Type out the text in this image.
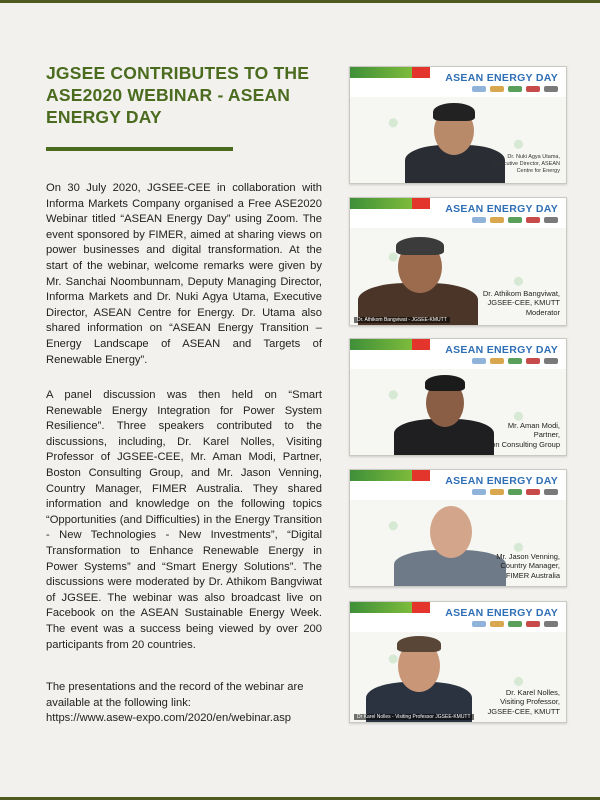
JGSEE CONTRIBUTES TO THE ASE2020 WEBINAR - ASEAN ENERGY DAY

On 30 July 2020, JGSEE-CEE in collaboration with Informa Markets Company organised a Free ASE2020 Webinar titled “ASEAN Energy Day” using Zoom. The event sponsored by FIMER, aimed at sharing views on power businesses and digital transformation. At the start of the webinar, welcome remarks were given by Mr. Sanchai Noombunnam, Deputy Managing Director, Informa Markets and Dr. Nuki Agya Utama, Executive Director, ASEAN Centre for Energy. Dr. Utama also shared information on “ASEAN Energy Transition – Energy Landscape of ASEAN and Targets of Renewable Energy”.

A panel discussion was then held on “Smart Renewable Energy Integration for Power System Resilience”. Three speakers contributed to the discussions, including, Dr. Karel Nolles, Visiting Professor of JGSEE-CEE, Mr. Aman Modi, Partner, Boston Consulting Group, and Mr. Jason Venning, Country Manager, FIMER Australia. They shared information and knowledge on the following topics “Opportunities (and Difficulties) in the Energy Transition - New Technologies - New Investments”, “Digital Transformation to Enhance Renewable Energy in Power Systems” and “Smart Energy Solutions”. The discussions were moderated by Dr. Athikom Bangviwat of JGSEE. The webinar was also broadcast live on Facebook on the ASEAN Sustainable Energy Week. The event was a success being viewed by over 200 participants from 20 countries.

The presentations and the record of the webinar are available at the following link:
https://www.asew-expo.com/2020/en/webinar.asp

ASEAN ENERGY DAY
Dr. Nuki Agya Utama,
Executive Director, ASEAN
Centre for Energy
ASEAN ENERGY DAY
Dr. Athikom Bangviwat,
JGSEE-CEE, KMUTT
Moderator
Dr. Athikom Bangviwat - JGSEE-KMUTT
ASEAN ENERGY DAY
Mr. Aman Modi,
Partner,
Boston Consulting Group
ASEAN ENERGY DAY
Mr. Jason Venning,
Country Manager,
FIMER Australia
ASEAN ENERGY DAY
Dr. Karel Nolles,
Visiting Professor,
JGSEE-CEE, KMUTT
Dr Karel Nolles - Visiting Professor JGSEE-KMUTT
